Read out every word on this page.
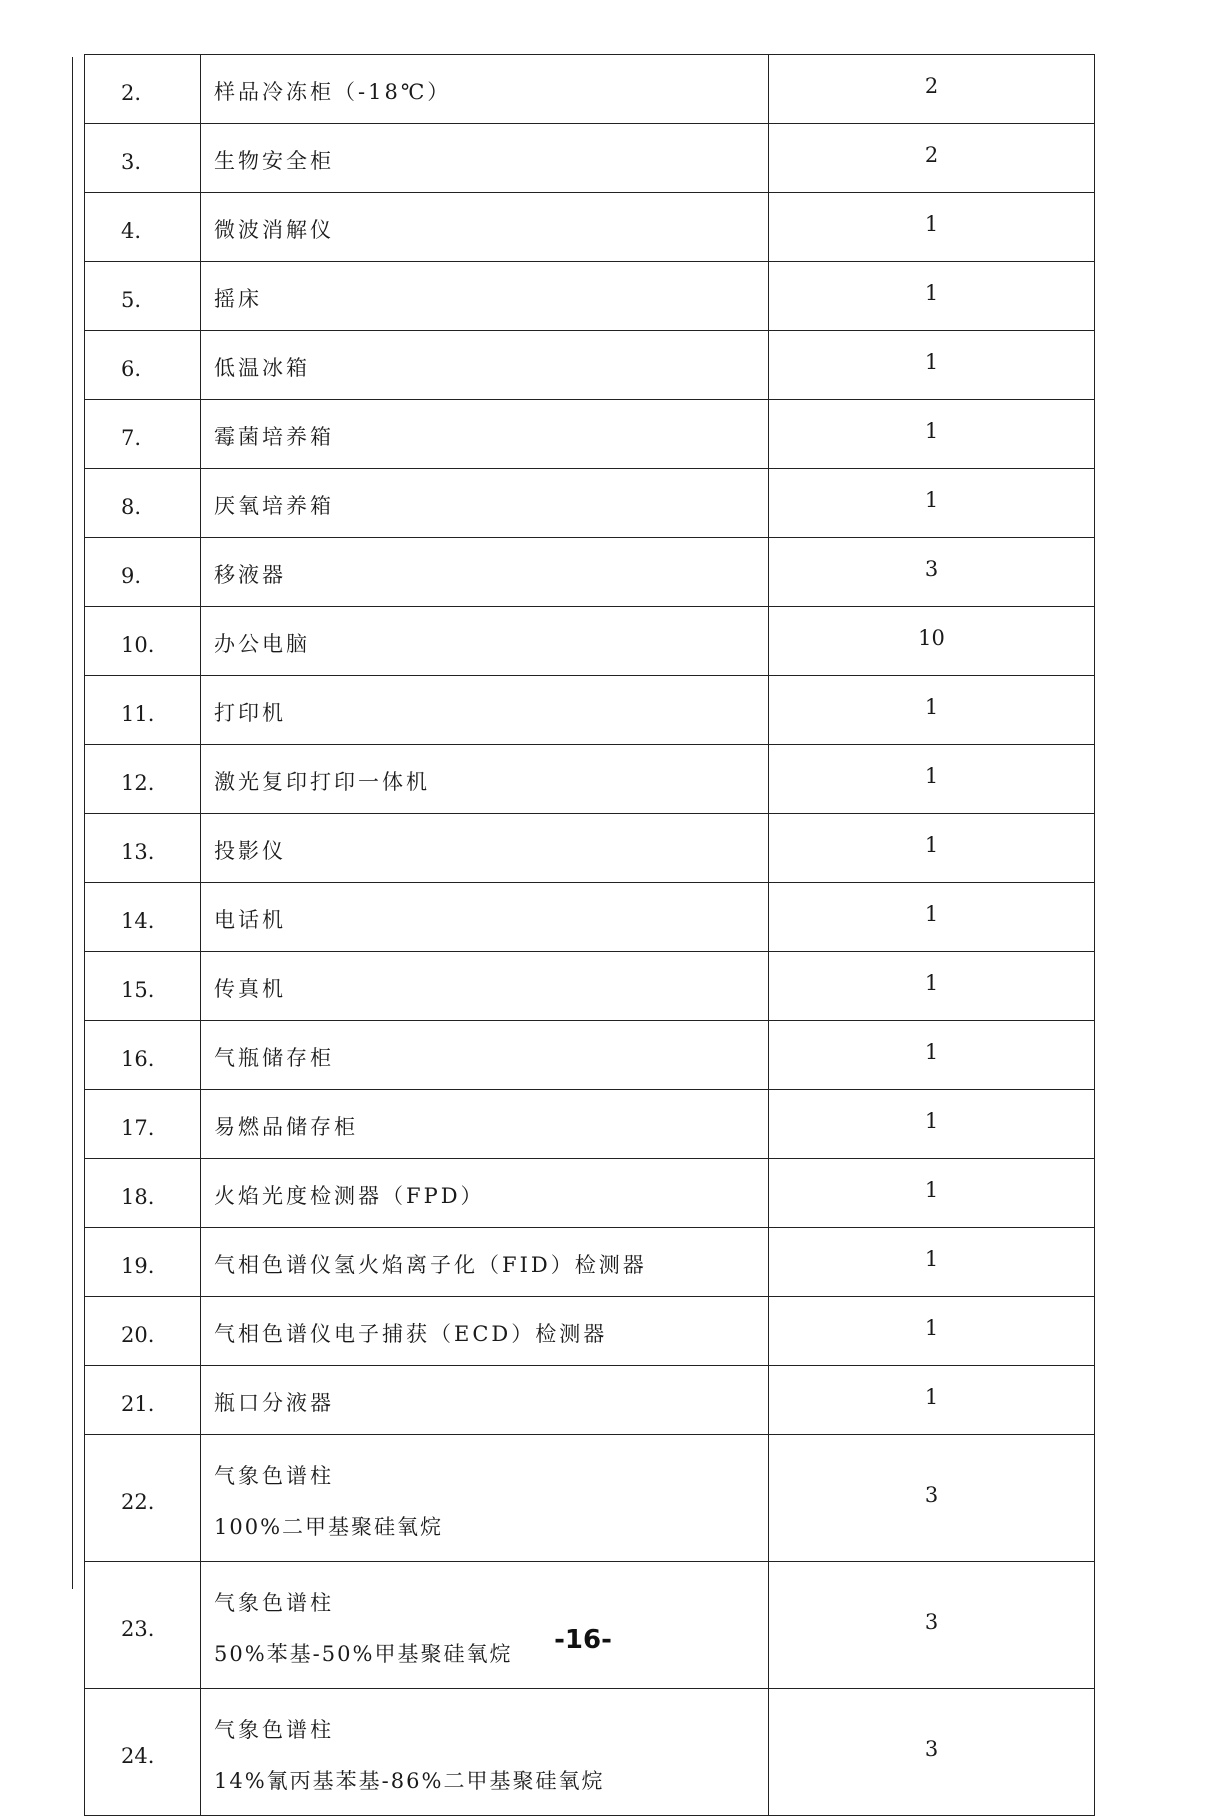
2.	样品冷冻柜（-18℃）	2
3.	生物安全柜	2
4.	微波消解仪	1
5.	摇床	1
6.	低温冰箱	1
7.	霉菌培养箱	1
8.	厌氧培养箱	1
9.	移液器	3
10.	办公电脑	10
11.	打印机	1
12.	激光复印打印一体机	1
13.	投影仪	1
14.	电话机	1
15.	传真机	1
16.	气瓶储存柜	1
17.	易燃品储存柜	1
18.	火焰光度检测器（FPD）	1
19.	气相色谱仪氢火焰离子化（FID）检测器	1
20.	气相色谱仪电子捕获（ECD）检测器	1
21.	瓶口分液器	1
22.	气象色谱柱
100%二甲基聚硅氧烷	3
23.	气象色谱柱
50%苯基-50%甲基聚硅氧烷	3
24.	气象色谱柱
14%氰丙基苯基-86%二甲基聚硅氧烷	3
-16-
